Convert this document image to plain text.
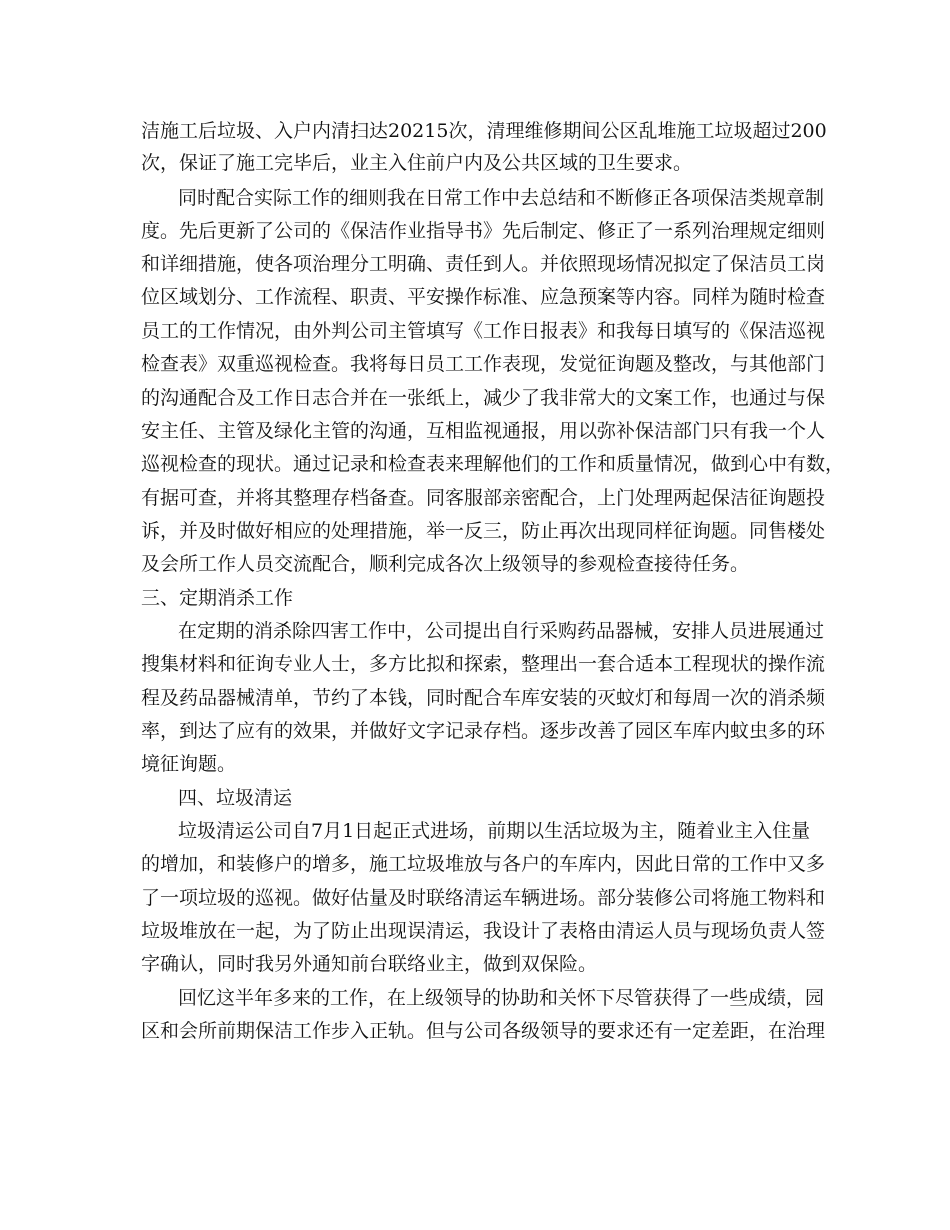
洁施工后垃圾、入户内清扫达20215次，清理维修期间公区乱堆施工垃圾超过200
次，保证了施工完毕后，业主入住前户内及公共区域的卫生要求。
同时配合实际工作的细则我在日常工作中去总结和不断修正各项保洁类规章制
度。先后更新了公司的《保洁作业指导书》先后制定、修正了一系列治理规定细则
和详细措施，使各项治理分工明确、责任到人。并依照现场情况拟定了保洁员工岗
位区域划分、工作流程、职责、平安操作标准、应急预案等内容。同样为随时检查
员工的工作情况，由外判公司主管填写《工作日报表》和我每日填写的《保洁巡视
检查表》双重巡视检查。我将每日员工工作表现，发觉征询题及整改，与其他部门
的沟通配合及工作日志合并在一张纸上，减少了我非常大的文案工作，也通过与保
安主任、主管及绿化主管的沟通，互相监视通报，用以弥补保洁部门只有我一个人
巡视检查的现状。通过记录和检查表来理解他们的工作和质量情况，做到心中有数，
有据可查，并将其整理存档备查。同客服部亲密配合，上门处理两起保洁征询题投
诉，并及时做好相应的处理措施，举一反三，防止再次出现同样征询题。同售楼处
及会所工作人员交流配合，顺利完成各次上级领导的参观检查接待任务。
三、定期消杀工作
在定期的消杀除四害工作中，公司提出自行采购药品器械，安排人员进展通过
搜集材料和征询专业人士，多方比拟和探索，整理出一套合适本工程现状的操作流
程及药品器械清单，节约了本钱，同时配合车库安装的灭蚊灯和每周一次的消杀频
率，到达了应有的效果，并做好文字记录存档。逐步改善了园区车库内蚊虫多的环
境征询题。
四、垃圾清运
垃圾清运公司自7月1日起正式进场，前期以生活垃圾为主，随着业主入住量
的增加，和装修户的增多，施工垃圾堆放与各户的车库内，因此日常的工作中又多
了一项垃圾的巡视。做好估量及时联络清运车辆进场。部分装修公司将施工物料和
垃圾堆放在一起，为了防止出现误清运，我设计了表格由清运人员与现场负责人签
字确认，同时我另外通知前台联络业主，做到双保险。
回忆这半年多来的工作，在上级领导的协助和关怀下尽管获得了一些成绩，园
区和会所前期保洁工作步入正轨。但与公司各级领导的要求还有一定差距，在治理
